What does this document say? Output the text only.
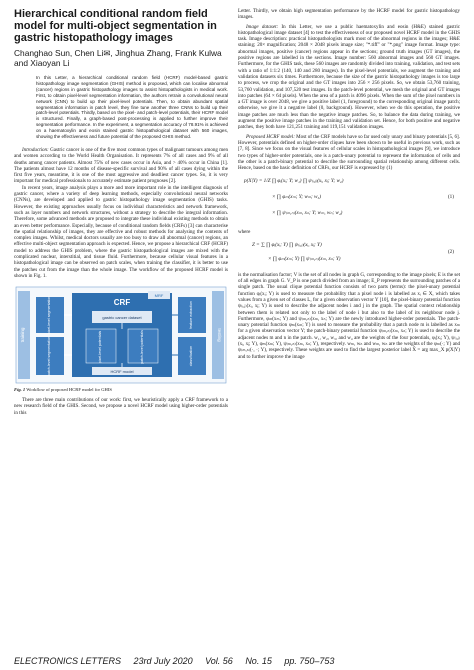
Hierarchical conditional random field model for multi-object segmentation in gastric histopathology images
Changhao Sun, Chen Li✉, Jinghua Zhang, Frank Kulwa and Xiaoyan Li
In this Letter, a hierarchical conditional random field (HCRF) model-based gastric histopathology image segmentation (GHIS) method is proposed, which can localise abnormal (cancer) regions in gastric histopathology images to assist histopathologists in medical work. First, to obtain pixel-level segmentation information, the authors retrain a convolutional neural network (CNN) to build up their pixel-level potentials. Then, to obtain abundant spatial segmentation information in patch level, they fine tune another three CNNs to build up their patch-level potentials. Thirdly, based on the pixel- and patch-level potentials, their HCRF model is structured. Finally, a graph-based post-processing is applied to further improve their segmentation performance. In the experiment, a segmentation accuracy of 78.91% is achieved on a haematoxylin and eosin stained gastric histopathological dataset with 560 images, showing the effectiveness and future potential of the proposed GHIS method.

Introduction: Gastric cancer is one of the five most common types of malignant tumours among men and women according to the World Health Organisation. It represents 7% of all cases and 9% of all deaths among cancer patients. Almost 75% of new cases occur in Asia, and > 40% occur in China [1]. The patients almost have 12 months of disease-specific survival and 90% of all cases dying within the first five years, meantime, it is one of the most aggressive and deadliest cancer types. So, it is very important for medical professionals to accurately estimate patient prognoses [2].

In recent years, image analysis plays a more and more important role in the intelligent diagnosis of gastric cancer, where a variety of deep learning methods, especially convolutional neural networks (CNNs), are developed and applied to gastric histopathology image segmentation (GHIS) tasks. However, the existing approaches usually focus on individual characteristics and network framework, such as layer numbers and network structures, without a strategy to describe the integral information. Therefore, some advanced methods are proposed to integrate these individual existing methods to obtain an even better performance. Especially, because of conditional random fields (CRFs) [3] can characterise the spatial relationship of images, they are effective and robust methods for analysing the contents of complex images. Whilst, medical doctors usually are too busy to draw all abnormal (cancer) regions, an effective multi-object segmentation approach is expected. Hence, we propose a hierarchical CRF (HCRF) model to address the GHIS problem, where the gastric histopathological images are mixed with the complicated nuclear, interstitial, and tissue fluid. Furthermore, because cellular visual features in a histopathological image can be observed on patch scales, when training the classifier, it is better to use the patches cut from the image than the whole image. The workflow of the proposed HCRF model is shown in Fig. 1.

training	testing
CRF
MRF
gastric cancer dataset
pixel-level potentials	patch-level potentials
HCRF model
pixel-level segmentation
patch-level segmentation
feature extraction
classification

Fig. 1 Workflow of proposed HCRF model for GHIS

There are three main contributions of our work: first, we heuristically apply a CRF framework to a new research field of the GHIS. Second, we propose a novel HCRF model using higher-order potentials in this

Letter. Thirdly, we obtain high segmentation performance by the HCRF model for gastric histopathology images.

Image dataset: In this Letter, we use a public haematoxylin and eosin (H&E) stained gastric histopathological image dataset [4] to test the effectiveness of our proposed novel HCRF model in the GHIS task. Image description: practical histopathologists mark most of the abnormal regions in the images; H&E staining; 20× magnification; 2048 × 2048 pixels image size; "*.tiff" or "*.png" image format. Image type: abnormal images, positive (cancer) regions appear in the sections; ground truth images (GT images), the positive regions are labelled in the sections. Image number: 560 abnormal images and 560 GT images. Furthermore, for the GHIS task, these 560 images are randomly divided into training, validation, and test sets with a ratio of 1:1:2 (140, 140 and 280 images). In the pixel-level potentials, we augment the training and validation datasets six times. Furthermore, because the size of the gastric histopathology images is too large to process, we crop the original and the GT images into 256 × 256 pixels. So, we obtain 53,760 training, 53,760 validation, and 107,520 test images. In the patch-level potential, we mesh the original and GT images into patches (64 × 64 pixels). When the area of a patch is 4096 pixels. When the sum of the pixel numbers in a GT image is over 2048, we give a positive label (1, foreground) to the corresponding original image patch; otherwise, we give it a negative label (0, background). However, when we do this operation, the positive image patches are much less than the negative image patches. So, to balance the data during training, we augment the positive image patches in the training and validation set. Hence, for both positive and negative patches, they both have 121,251 training and 119,151 validation images.

Proposed HCRF model: Most of the CRF models have so far used only unary and binary potentials [5, 6]. However, potentials defined on higher-order cliques have been shown to be useful in previous work, such as [7, 8]. Since we focus on the visual features of cellular scales in histopathological images [9], we introduce two types of higher-order potentials, one is a patch-unary potential to represent the information of cells and the other is a patch-binary potential to describe the surrounding spatial relationship among different cells. Hence, based on the basic definition of CRFs, our HCRF is expressed by (1)

p(X|Y) = 1/Z ∏ φᵢ(xᵢ; Y; w₁) ∏ ψ₍ᵢ,ⱼ₎(xᵢ, xⱼ; Y; w₂)
× ∏ φₘ(xₘ; Y; wₘ; w₃)
× ∏ ψ₍ₘ,ₙ₎(xₘ, xₙ; Y; wₘ, wₙ; w₄)
(1)

where

Z = ∑ ∏ φᵢ(xᵢ; Y) ∏ ψ₍ᵢ,ⱼ₎(xᵢ, xⱼ; Y)
× ∏ φₘ(xₘ; Y) ∏ ψ₍ₘ,ₙ₎(xₘ, xₙ; Y)
(2)

is the normalisation factor; V is the set of all nodes in graph G, corresponding to the image pixels; E is the set of all edges in graph G. V_P is one patch divided from an image; E_P represents the surrounding patches of a single patch. The usual clique potential function consists of two parts (terms): the pixel-unary potential function φᵢ(xᵢ; Y) is used to measure the probability that a pixel node i is labelled as xᵢ ∈ X, which takes values from a given set of classes L, for a given observation vector Y [10], the pixel-binary potential function ψ₍ᵢ,ⱼ₎(xᵢ, xⱼ; Y) is used to describe the adjacent nodes i and j in the graph. The spatial context relationship between them is related not only to the label of node i but also to the label of its neighbour node j. Furthermore, φₘ(xₘ; Y) and ψ₍ₘ,ₙ₎(xₘ, xₙ; Y) are the newly introduced higher-order potentials. The patch-unary potential function φₘ(xₘ; Y) is used to measure the probability that a patch node m is labelled as xₘ for a given observation vector Y; the patch-binary potential function ψ₍ₘ,ₙ₎(xₘ, xₙ; Y) is used to describe the adjacent nodes m and n in the patch. w₁, w₂, w₃, and w₄ are the weights of the four potentials, φᵢ(xᵢ; Y), ψ₍ᵢ,ⱼ₎(xᵢ, xⱼ; Y), φₘ(xₘ; Y), ψ₍ₘ,ₙ₎(xₘ, xₙ; Y), respectively. wₘ, wₙ and wₘ, wₙ are the weights of the φₘ(·; Y) and ψ₍ₘ,ₙ₎(·, ·; Y), respectively. These weights are used to find the largest posterior label X̂ = arg max_X p(X|Y) and to further improve the image

ELECTRONICS LETTERS 23rd July 2020 Vol. 56 No. 15 pp. 750–753
